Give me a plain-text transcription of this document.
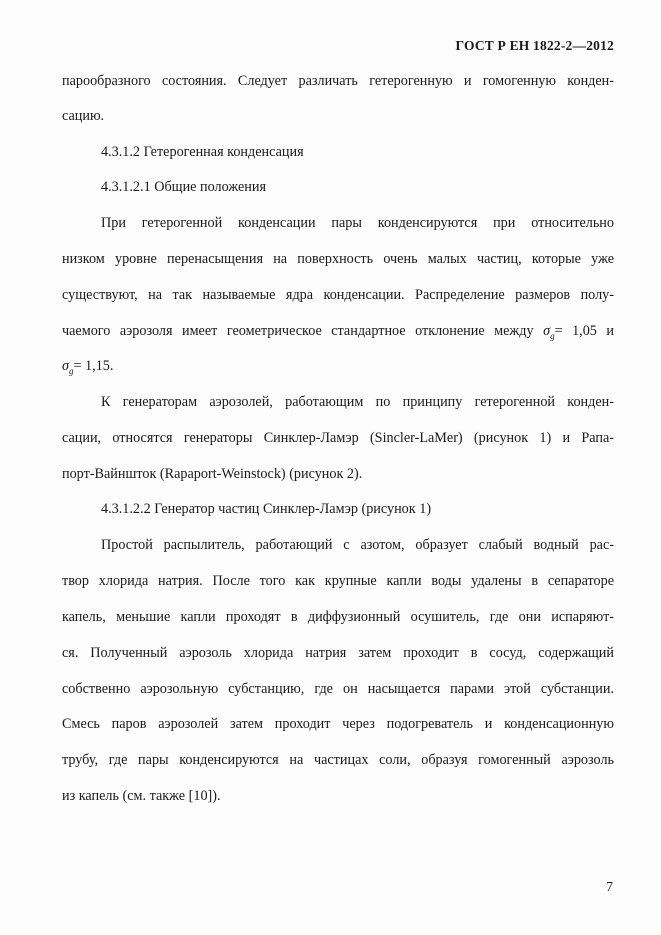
ГОСТ Р ЕН 1822-2—2012
парообразного состояния. Следует различать гетерогенную и гомогенную конден-
сацию.
4.3.1.2 Гетерогенная конденсация
4.3.1.2.1 Общие положения
При гетерогенной конденсации пары конденсируются при относительно
низком уровне перенасыщения на поверхность очень малых частиц, которые уже
существуют, на так называемые ядра конденсации. Распределение размеров полу-
чаемого аэрозоля имеет геометрическое стандартное отклонение между $\sigma_g= 1,05$ и
$\sigma_g= 1,15$.
К генераторам аэрозолей, работающим по принципу гетерогенной конден-
сации, относятся генераторы Синклер-Ламэр (Sincler-LaMer) (рисунок 1) и Рапа-
порт-Вайншток (Rapaport-Weinstock) (рисунок 2).
4.3.1.2.2 Генератор частиц Синклер-Ламэр (рисунок 1)
Простой распылитель, работающий с азотом, образует слабый водный рас-
твор хлорида натрия. После того как крупные капли воды удалены в сепараторе
капель, меньшие капли проходят в диффузионный осушитель, где они испаряют-
ся. Полученный аэрозоль хлорида натрия затем проходит в сосуд, содержащий
собственно аэрозольную субстанцию, где он насыщается парами этой субстанции.
Смесь паров аэрозолей затем проходит через подогреватель и конденсационную
трубу, где пары конденсируются на частицах соли, образуя гомогенный аэрозоль
из капель (см. также [10]).
7
